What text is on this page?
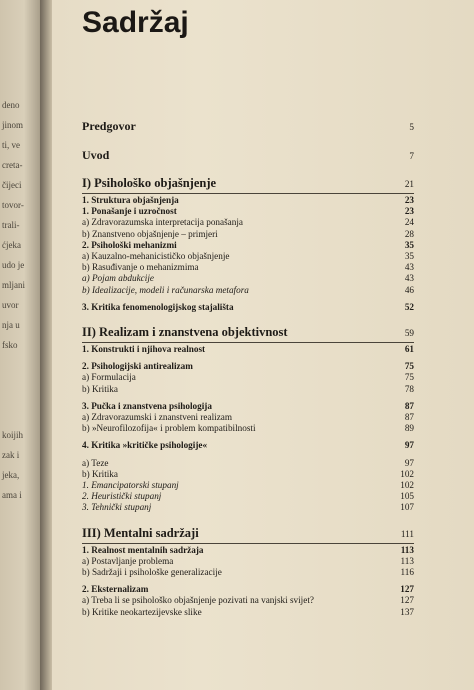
deno
jinom
ti, ve
creta-
čijeci
tovor-
trali-
ćjeka
udo je
mljani
uvor
nja u
fsko
koijih
zak i
jeka,
ama i
Sadržaj
Predgovor	5
Uvod	7
I) Psihološko objašnjenje	21
1. Struktura objašnjenja	23
1. Ponašanje i uzročnost	23
a) Zdravorazumska interpretacija ponašanja	24
b) Znanstveno objašnjenje – primjeri	28
2. Psihološki mehanizmi	35
a) Kauzalno-mehanicističko objašnjenje	35
b) Rasuđivanje o mehanizmima	43
a) Pojam abdukcije	43
b) Idealizacije, modeli i računarska metafora	46
3. Kritika fenomenologijskog stajališta	52
II) Realizam i znanstvena objektivnost	59
1. Konstrukti i njihova realnost	61
2. Psihologijski antirealizam	75
a) Formulacija	75
b) Kritika	78
3. Pučka i znanstvena psihologija	87
a) Zdravorazumski i znanstveni realizam	87
b) »Neurofilozofija« i problem kompatibilnosti	89
4. Kritika »kritičke psihologije«	97
a) Teze	97
b) Kritika	102
1. Emancipatorski stupanj	102
2. Heuristički stupanj	105
3. Tehnički stupanj	107
III) Mentalni sadržaji	111
1. Realnost mentalnih sadržaja	113
a) Postavljanje problema	113
b) Sadržaji i psihološke generalizacije	116
2. Eksternalizam	127
a) Treba li se psihološko objašnjenje pozivati na vanjski svijet?	127
b) Kritike neokartezijevske slike	137
